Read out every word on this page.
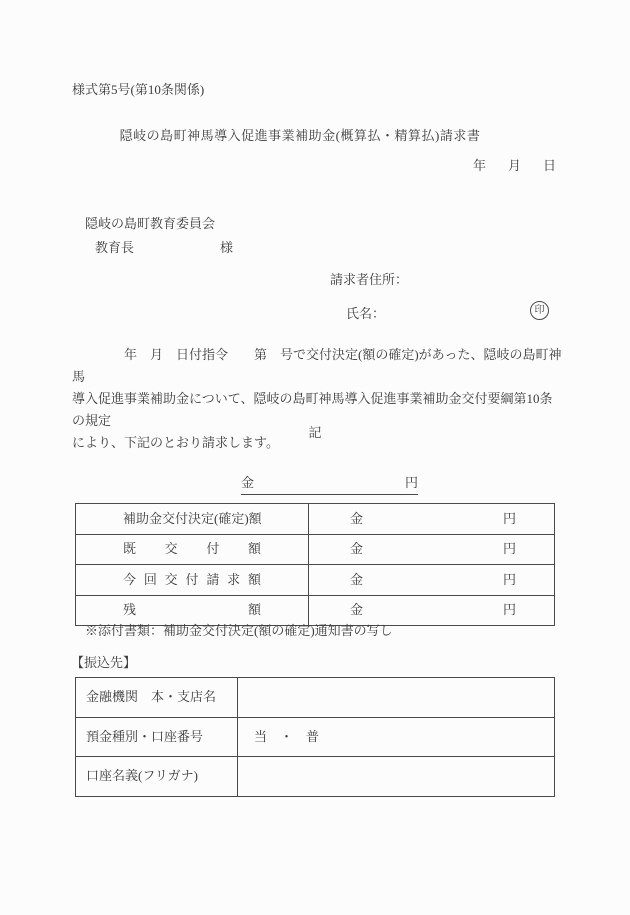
様式第5号(第10条関係)
隠岐の島町神馬導入促進事業補助金(概算払・精算払)請求書
年 月 日
隠岐の島町教育委員会
教育長	様
請求者住所：
氏名：	印
　　　　年　月　日付指令　　第　号で交付決定(額の確定)があった、隠岐の島町神馬
導入促進事業補助金について、隠岐の島町神馬導入促進事業補助金交付要綱第10条の規定
により、下記のとおり請求します。
記
金	円
補助金交付決定(確定)額	金 円

既交付額	金 円

今回交付請求額	金 円

残額	金 円
※添付書類：補助金交付決定(額の確定)通知書の写し
【振込先】
金融機関　本・支店名	
預金種別・口座番号	当　・　普
口座名義(フリガナ)	
